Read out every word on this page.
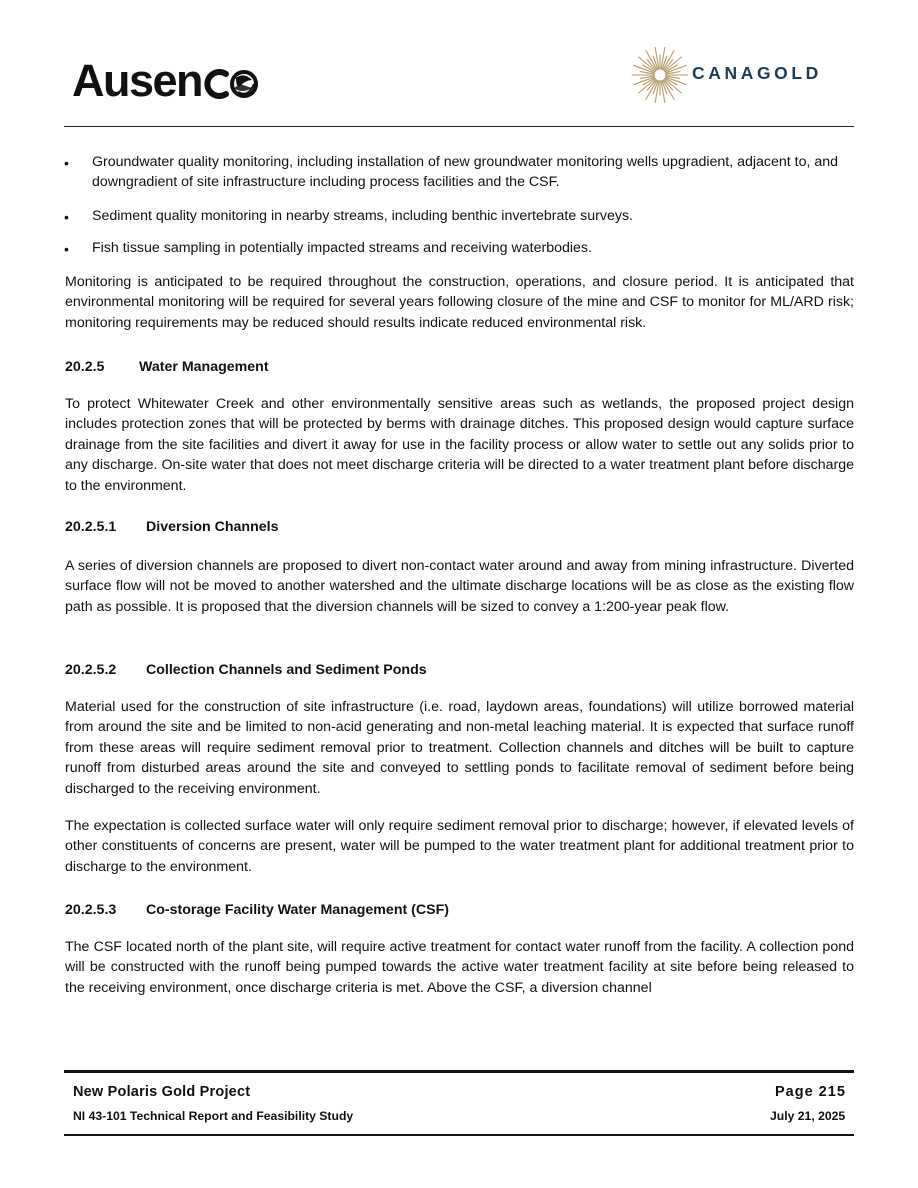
Ausen	CANAGOLD
•	Groundwater quality monitoring, including installation of new groundwater monitoring wells upgradient, adjacent to, and downgradient of site infrastructure including process facilities and the CSF.

•	Sediment quality monitoring in nearby streams, including benthic invertebrate surveys.

•	Fish tissue sampling in potentially impacted streams and receiving waterbodies.

Monitoring is anticipated to be required throughout the construction, operations, and closure period. It is anticipated that environmental monitoring will be required for several years following closure of the mine and CSF to monitor for ML/ARD risk; monitoring requirements may be reduced should results indicate reduced environmental risk.

20.2.5 Water Management

To protect Whitewater Creek and other environmentally sensitive areas such as wetlands, the proposed project design includes protection zones that will be protected by berms with drainage ditches. This proposed design would capture surface drainage from the site facilities and divert it away for use in the facility process or allow water to settle out any solids prior to any discharge. On-site water that does not meet discharge criteria will be directed to a water treatment plant before discharge to the environment.

20.2.5.1 Diversion Channels

A series of diversion channels are proposed to divert non-contact water around and away from mining infrastructure. Diverted surface flow will not be moved to another watershed and the ultimate discharge locations will be as close as the existing flow path as possible. It is proposed that the diversion channels will be sized to convey a 1:200-year peak flow.

20.2.5.2 Collection Channels and Sediment Ponds

Material used for the construction of site infrastructure (i.e. road, laydown areas, foundations) will utilize borrowed material from around the site and be limited to non-acid generating and non-metal leaching material. It is expected that surface runoff from these areas will require sediment removal prior to treatment. Collection channels and ditches will be built to capture runoff from disturbed areas around the site and conveyed to settling ponds to facilitate removal of sediment before being discharged to the receiving environment.

The expectation is collected surface water will only require sediment removal prior to discharge; however, if elevated levels of other constituents of concerns are present, water will be pumped to the water treatment plant for additional treatment prior to discharge to the environment.

20.2.5.3 Co-storage Facility Water Management (CSF)

The CSF located north of the plant site, will require active treatment for contact water runoff from the facility. A collection pond will be constructed with the runoff being pumped towards the active water treatment facility at site before being released to the receiving environment, once discharge criteria is met. Above the CSF, a diversion channel

New Polaris Gold Project
NI 43-101 Technical Report and Feasibility Study
Page 215
July 21, 2025
